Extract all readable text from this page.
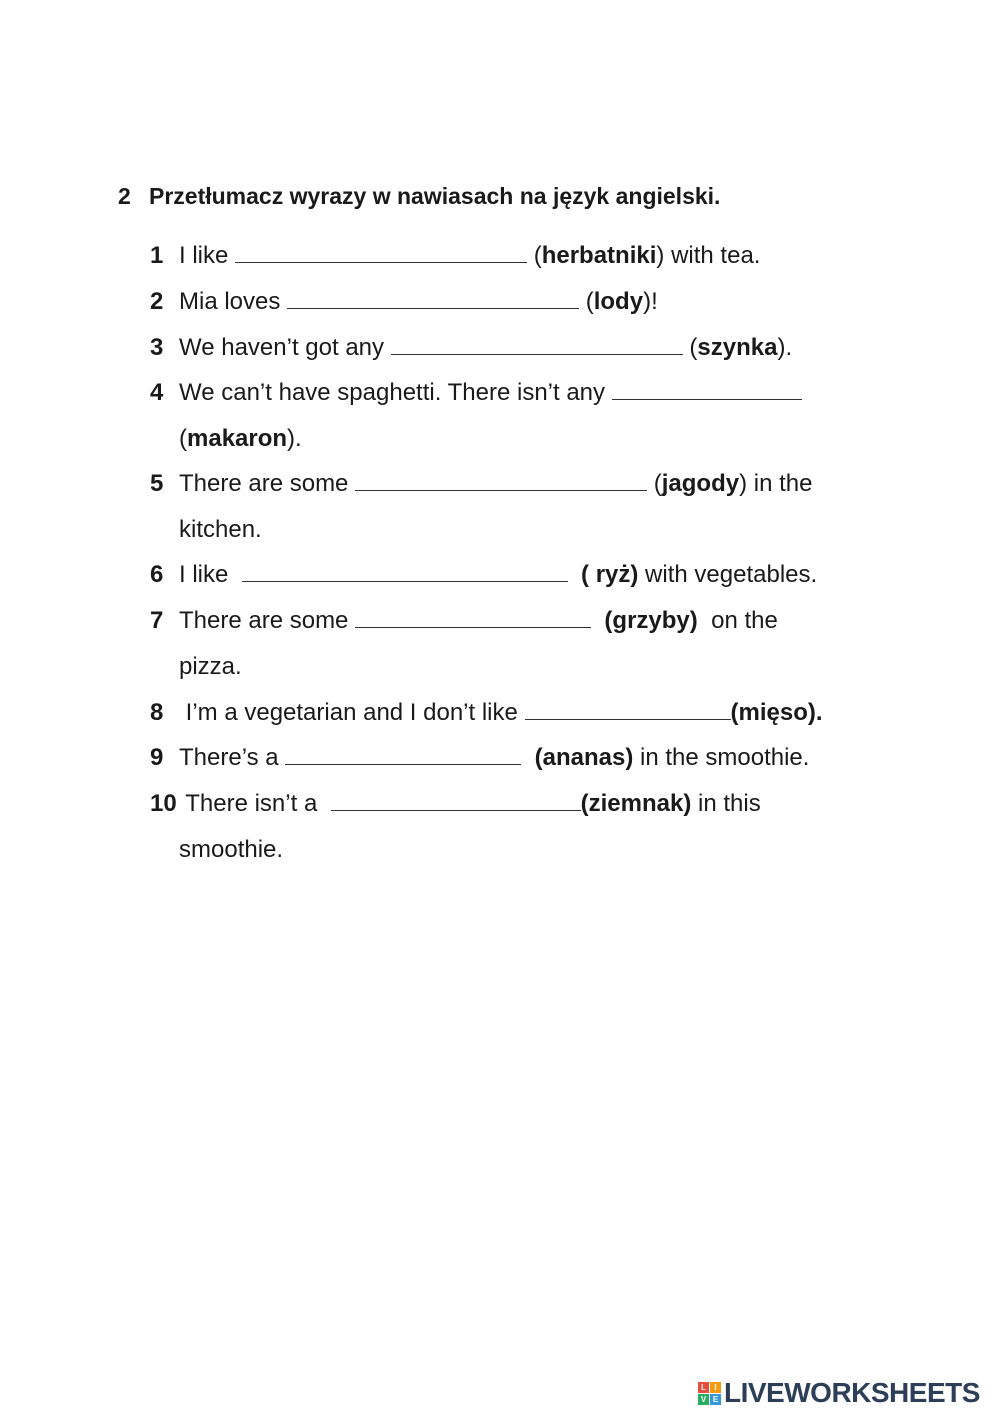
2 Przetłumacz wyrazy w nawiasach na język angielski.
1 I like	(herbatniki) with tea.
2 Mia loves	(lody)!
3 We haven’t got any	(szynka).
4 We can’t have spaghetti. There isn’t any
(makaron).
5 There are some	(jagody) in the
kitchen.
6 I like	( ryż) with vegetables.
7 There are some	(grzyby)  on the
pizza.
8 I’m a vegetarian and I don’t like	(mięso).
9 There’s a	(ananas) in the smoothie.
10 There isn’t a	(ziemnak) in this
smoothie.
L	I
V E LIVEWORKSHEETS
